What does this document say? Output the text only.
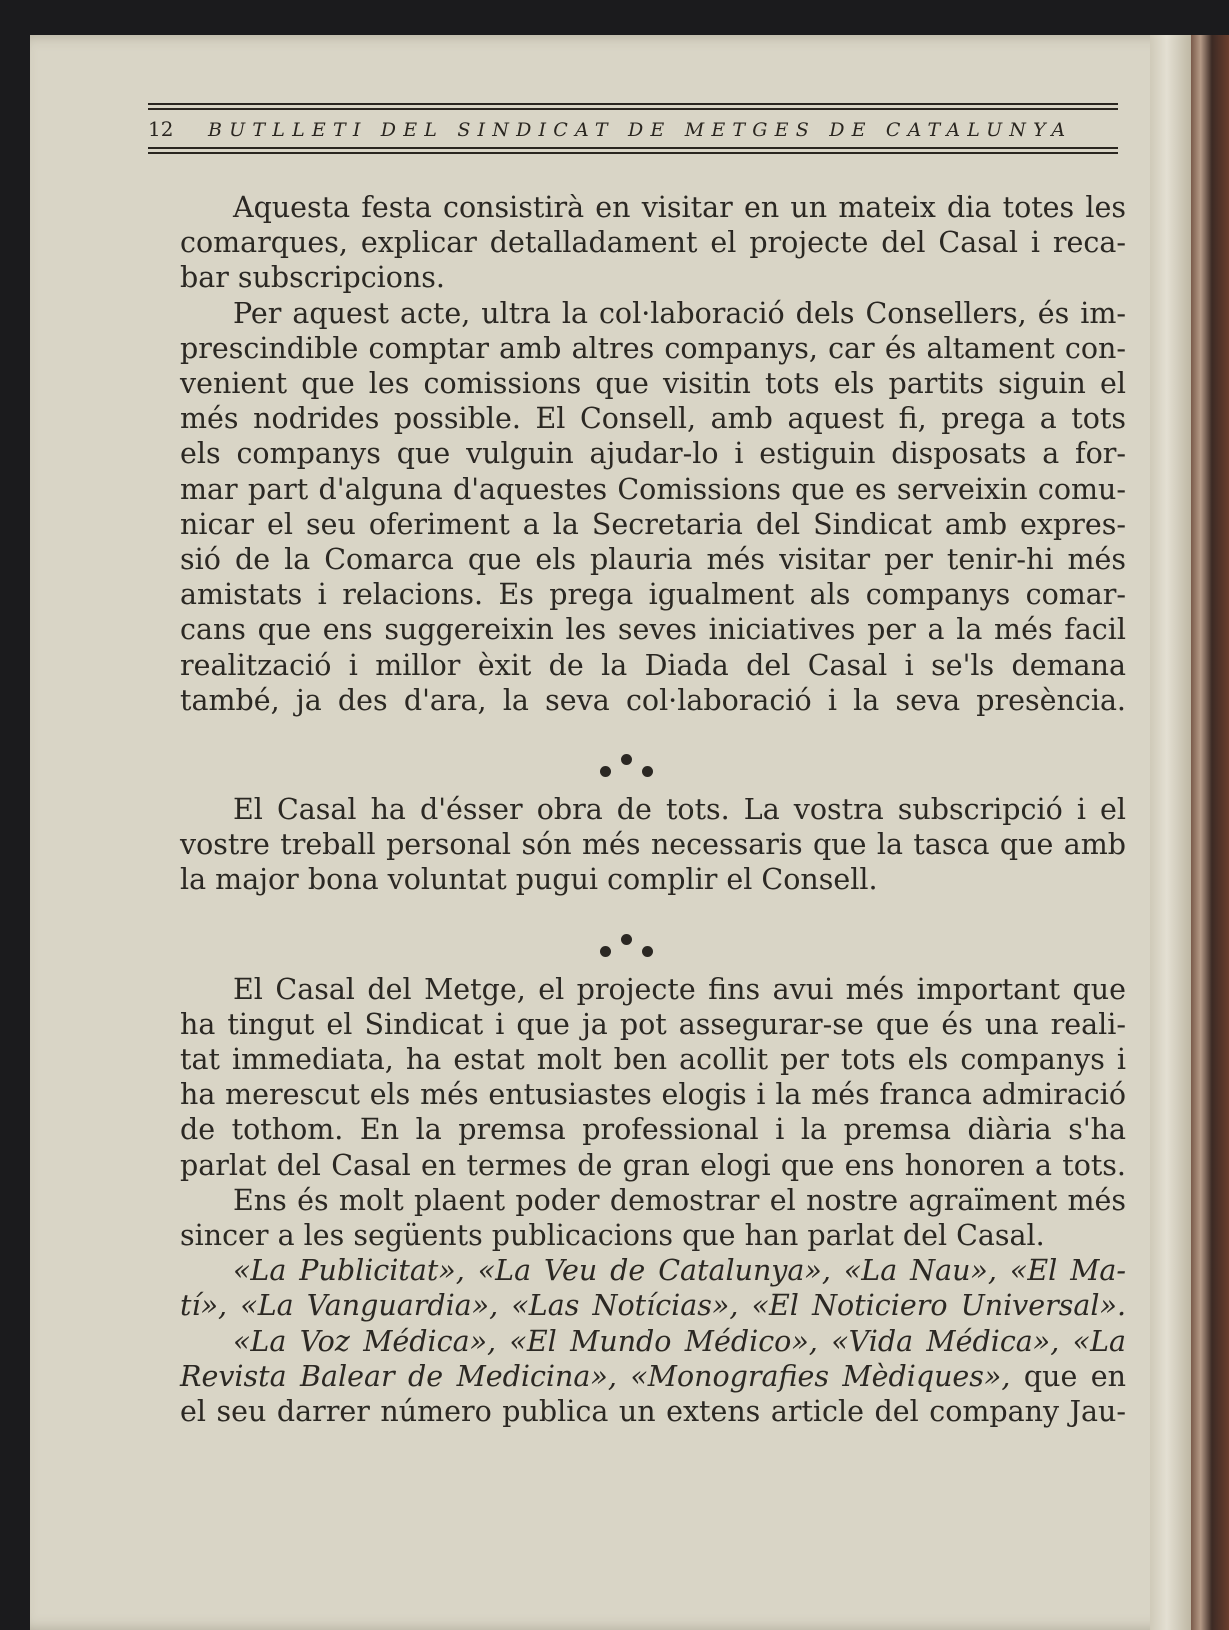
12	BUTLLETI DEL SINDICAT DE METGES DE CATALUNYA

Aquesta festa consistirà en visitar en un mateix dia totes les
comarques, explicar detalladament el projecte del Casal i reca-
bar subscripcions.

Per aquest acte, ultra la col·laboració dels Consellers, és im-
prescindible comptar amb altres companys, car és altament con-
venient que les comissions que visitin tots els partits siguin el
més nodrides possible. El Consell, amb aquest fi, prega a tots
els companys que vulguin ajudar-lo i estiguin disposats a for-
mar part d'alguna d'aquestes Comissions que es serveixin comu-
nicar el seu oferiment a la Secretaria del Sindicat amb expres-
sió de la Comarca que els plauria més visitar per tenir-hi més
amistats i relacions. Es prega igualment als companys comar-
cans que ens suggereixin les seves iniciatives per a la més facil
realització i millor èxit de la Diada del Casal i se'ls demana
també, ja des d'ara, la seva col·laboració i la seva presència.

El Casal ha d'ésser obra de tots. La vostra subscripció i el
vostre treball personal són més necessaris que la tasca que amb
la major bona voluntat pugui complir el Consell.

El Casal del Metge, el projecte fins avui més important que
ha tingut el Sindicat i que ja pot assegurar-se que és una reali-
tat immediata, ha estat molt ben acollit per tots els companys i
ha merescut els més entusiastes elogis i la més franca admiració
de tothom. En la premsa professional i la premsa diària s'ha
parlat del Casal en termes de gran elogi que ens honoren a tots.

Ens és molt plaent poder demostrar el nostre agraïment més
sincer a les següents publicacions que han parlat del Casal.

«La Publicitat», «La Veu de Catalunya», «La Nau», «El Ma-
tí», «La Vanguardia», «Las Notícias», «El Noticiero Universal».

«La Voz Médica», «El Mundo Médico», «Vida Médica», «La
Revista Balear de Medicina», «Monografies Mèdiques», que en
el seu darrer número publica un extens article del company Jau-
